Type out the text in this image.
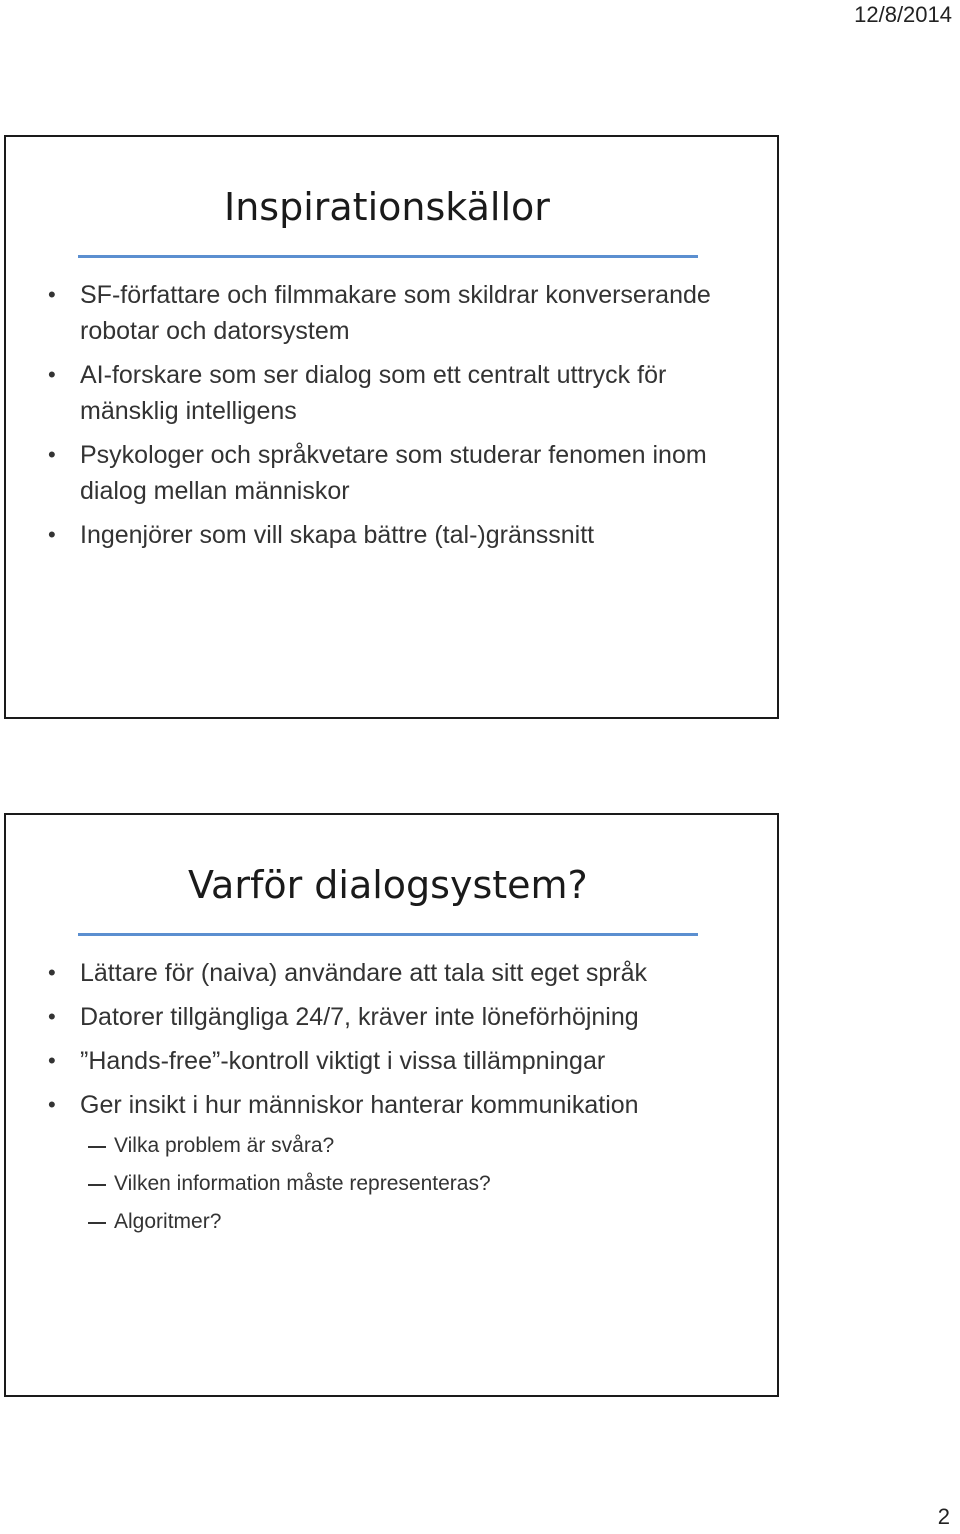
12/8/2014
Inspirationskällor
• SF-författare och filmmakare som skildrar konverserande robotar och datorsystem
• AI-forskare som ser dialog som ett centralt uttryck för mänsklig intelligens
• Psykologer och språkvetare som studerar fenomen inom dialog mellan människor
• Ingenjörer som vill skapa bättre (tal-)gränssnitt
Varför dialogsystem?
• Lättare för (naiva) användare att tala sitt eget språk
• Datorer tillgängliga 24/7, kräver inte löneförhöjning
• ”Hands-free”-kontroll viktigt i vissa tillämpningar
• Ger insikt i hur människor hanterar kommunikation
Vilka problem är svåra?
Vilken information måste representeras?
Algoritmer?
2
